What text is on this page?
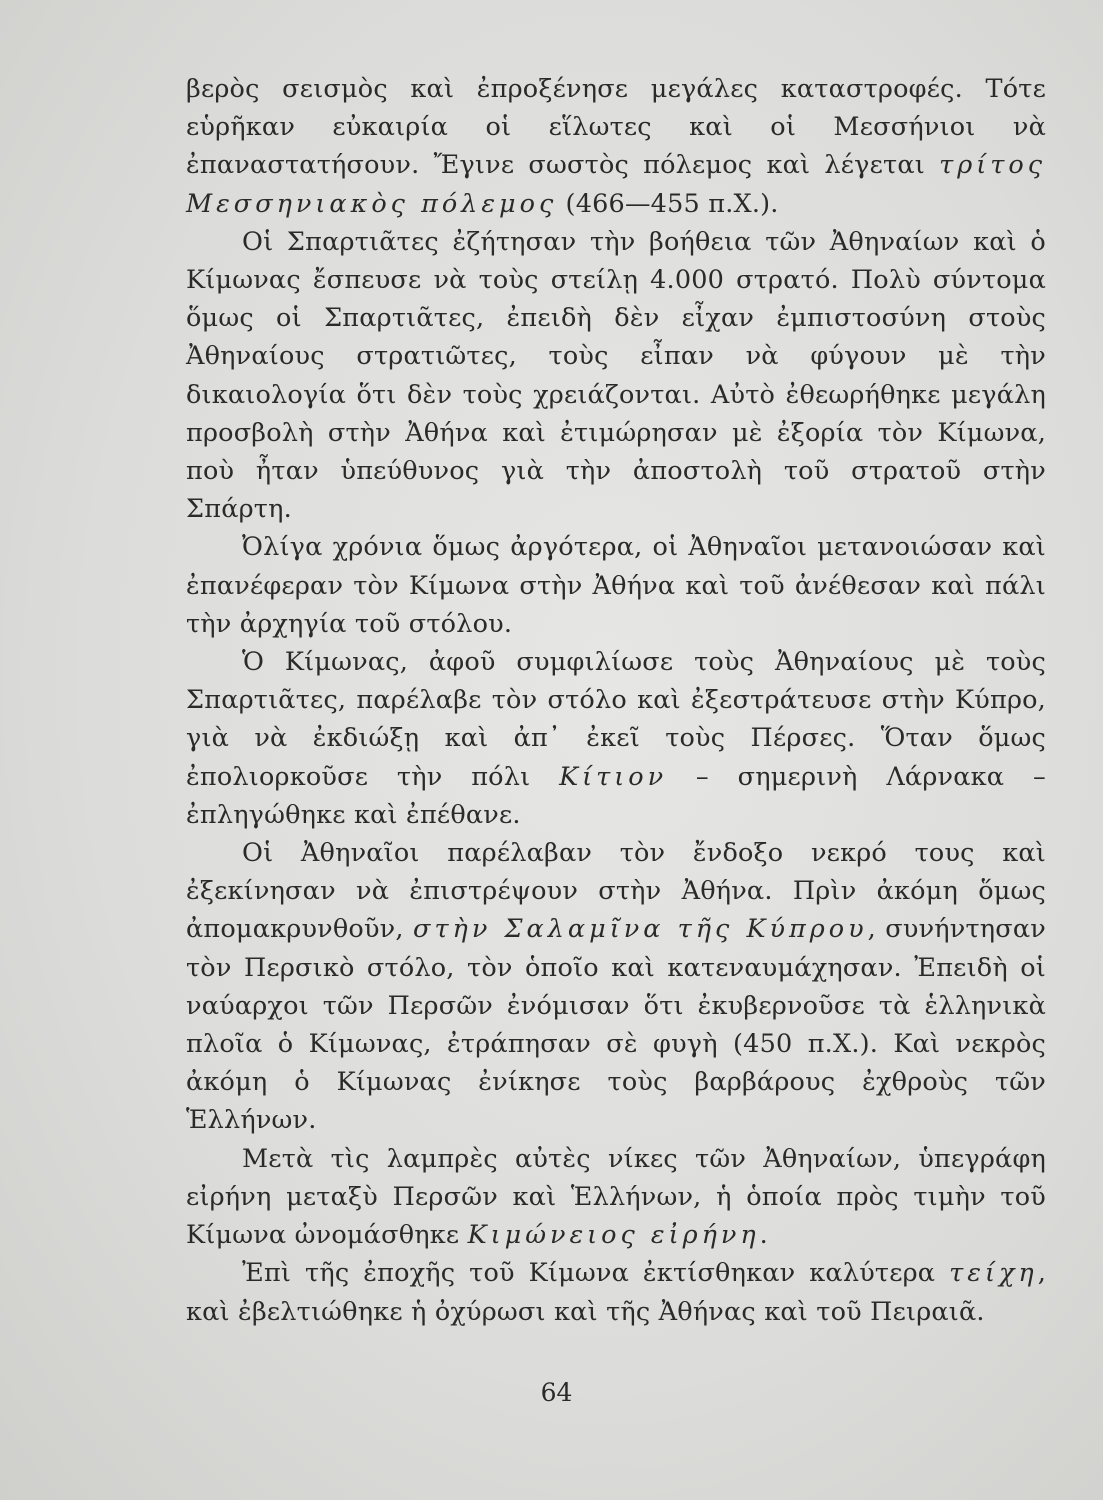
βερὸς σεισμὸς καὶ ἐπροξένησε μεγάλες καταστροφές. Τότε εὑρῆκαν εὐκαιρία οἱ εἵλωτες καὶ οἱ Μεσσήνιοι νὰ ἐπαναστατήσουν. Ἔγινε σωστὸς πόλεμος καὶ λέγεται τρίτος Μεσσηνιακὸς πόλεμος (466—455 π.Χ.).

Οἱ Σπαρτιᾶτες ἐζήτησαν τὴν βοήθεια τῶν Ἀθηναίων καὶ ὁ Κίμωνας ἔσπευσε νὰ τοὺς στείλῃ 4.000 στρατό. Πολὺ σύντομα ὅμως οἱ Σπαρτιᾶτες, ἐπειδὴ δὲν εἶχαν ἐμπιστοσύνη στοὺς Ἀθηναίους στρατιῶτες, τοὺς εἶπαν νὰ φύγουν μὲ τὴν δικαιολογία ὅτι δὲν τοὺς χρειάζονται. Αὐτὸ ἐθεωρήθηκε μεγάλη προσβολὴ στὴν Ἀθήνα καὶ ἐτιμώρησαν μὲ ἐξορία τὸν Κίμωνα, ποὺ ἦταν ὑπεύθυνος γιὰ τὴν ἀποστολὴ τοῦ στρατοῦ στὴν Σπάρτη.

Ὀλίγα χρόνια ὅμως ἀργότερα, οἱ Ἀθηναῖοι μετανοιώσαν καὶ ἐπανέφεραν τὸν Κίμωνα στὴν Ἀθήνα καὶ τοῦ ἀνέθεσαν καὶ πάλι τὴν ἀρχηγία τοῦ στόλου.

Ὁ Κίμωνας, ἀφοῦ συμφιλίωσε τοὺς Ἀθηναίους μὲ τοὺς Σπαρτιᾶτες, παρέλαβε τὸν στόλο καὶ ἐξεστράτευσε στὴν Κύπρο, γιὰ νὰ ἐκδιώξῃ καὶ ἀπ᾿ ἐκεῖ τοὺς Πέρσες. Ὅταν ὅμως ἐπολιορκοῦσε τὴν πόλι Κίτιον – σημερινὴ Λάρνακα – ἐπληγώθηκε καὶ ἐπέθανε.

Οἱ Ἀθηναῖοι παρέλαβαν τὸν ἔνδοξο νεκρό τους καὶ ἐξεκίνησαν νὰ ἐπιστρέψουν στὴν Ἀθήνα. Πρὶν ἀκόμη ὅμως ἀπομακρυνθοῦν, στὴν Σαλαμῖνα τῆς Κύπρου, συνήντησαν τὸν Περσικὸ στόλο, τὸν ὁποῖο καὶ κατεναυμάχησαν. Ἐπειδὴ οἱ ναύαρχοι τῶν Περσῶν ἐνόμισαν ὅτι ἐκυβερνοῦσε τὰ ἑλληνικὰ πλοῖα ὁ Κίμωνας, ἐτράπησαν σὲ φυγὴ (450 π.Χ.). Καὶ νεκρὸς ἀκόμη ὁ Κίμωνας ἐνίκησε τοὺς βαρβάρους ἐχθροὺς τῶν Ἑλλήνων.

Μετὰ τὶς λαμπρὲς αὐτὲς νίκες τῶν Ἀθηναίων, ὑπεγράφη εἰρήνη μεταξὺ Περσῶν καὶ Ἑλλήνων, ἡ ὁποία πρὸς τιμὴν τοῦ Κίμωνα ὠνομάσθηκε Κιμώνειος εἰρήνη.

Ἐπὶ τῆς ἐποχῆς τοῦ Κίμωνα ἐκτίσθηκαν καλύτερα τείχη, καὶ ἐβελτιώθηκε ἡ ὀχύρωσι καὶ τῆς Ἀθήνας καὶ τοῦ Πειραιᾶ.

64
